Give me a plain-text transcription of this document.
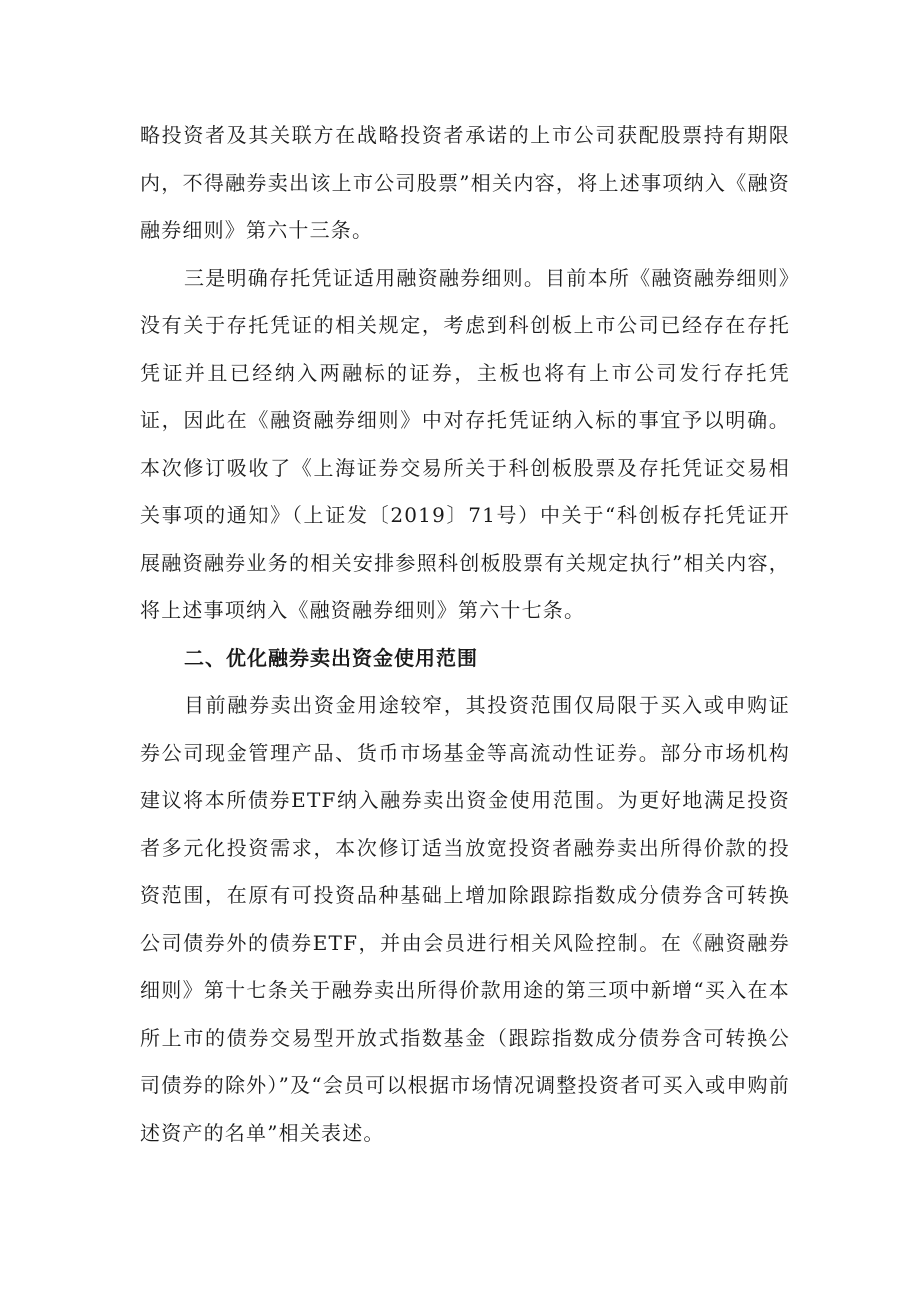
略投资者及其关联方在战略投资者承诺的上市公司获配股票持有期限内，不得融券卖出该上市公司股票”相关内容，将上述事项纳入《融资融券细则》第六十三条。

三是明确存托凭证适用融资融券细则。目前本所《融资融券细则》没有关于存托凭证的相关规定，考虑到科创板上市公司已经存在存托凭证并且已经纳入两融标的证券，主板也将有上市公司发行存托凭证，因此在《融资融券细则》中对存托凭证纳入标的事宜予以明确。本次修订吸收了《上海证券交易所关于科创板股票及存托凭证交易相关事项的通知》（上证发〔2019〕71号）中关于“科创板存托凭证开展融资融券业务的相关安排参照科创板股票有关规定执行”相关内容，将上述事项纳入《融资融券细则》第六十七条。

二、优化融券卖出资金使用范围

目前融券卖出资金用途较窄，其投资范围仅局限于买入或申购证券公司现金管理产品、货币市场基金等高流动性证券。部分市场机构建议将本所债券ETF纳入融券卖出资金使用范围。为更好地满足投资者多元化投资需求，本次修订适当放宽投资者融券卖出所得价款的投资范围，在原有可投资品种基础上增加除跟踪指数成分债券含可转换公司债券外的债券ETF，并由会员进行相关风险控制。在《融资融券细则》第十七条关于融券卖出所得价款用途的第三项中新增“买入在本所上市的债券交易型开放式指数基金（跟踪指数成分债券含可转换公司债券的除外）”及“会员可以根据市场情况调整投资者可买入或申购前述资产的名单”相关表述。
